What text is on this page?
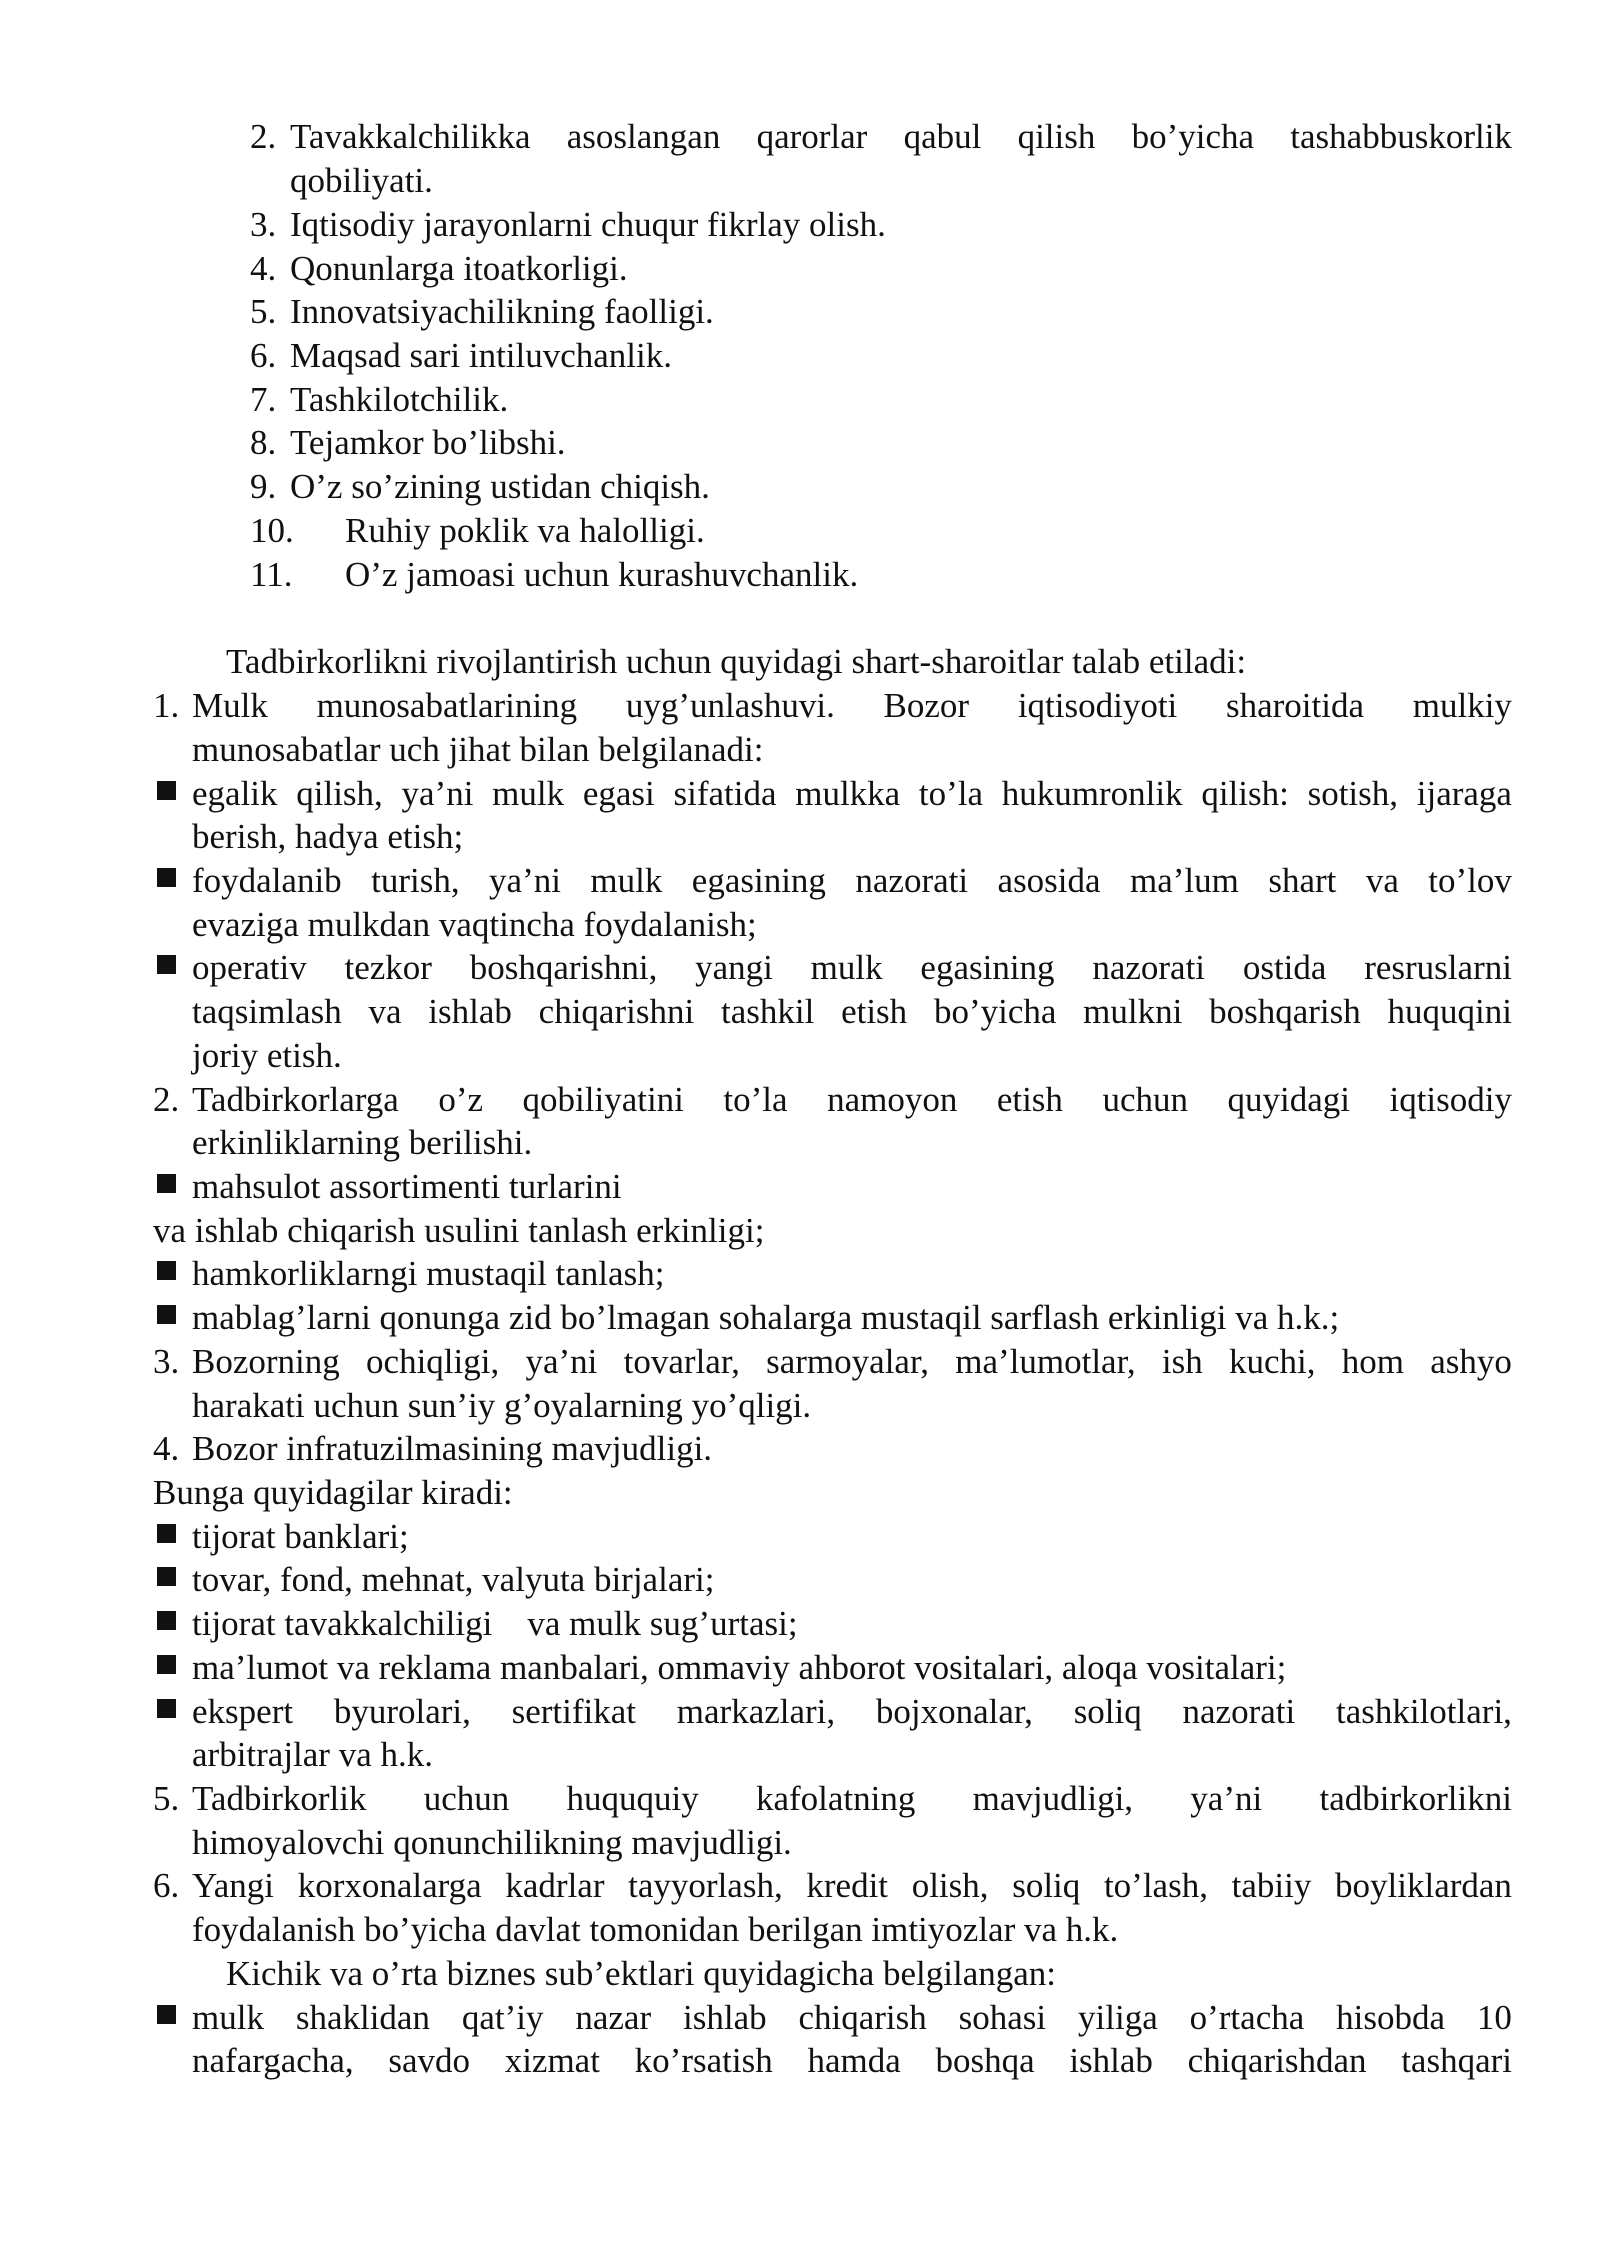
2. Tavakkalchilikka asoslangan qarorlar qabul qilish bo’yicha tashabbuskorlik
qobiliyati.
3. Iqtisodiy jarayonlarni chuqur fikrlay olish.
4. Qonunlarga itoatkorligi.
5. Innovatsiyachilikning faolligi.
6. Maqsad sari intiluvchanlik.
7. Tashkilotchilik.
8. Tejamkor bo’libshi.
9. O’z so’zining ustidan chiqish.
10. Ruhiy poklik va halolligi.
11. O’z jamoasi uchun kurashuvchanlik.
Tadbirkorlikni rivojlantirish uchun quyidagi shart-sharoitlar talab etiladi:
1. Mulk munosabatlarining uyg’unlashuvi. Bozor iqtisodiyoti sharoitida mulkiy
munosabatlar uch jihat bilan belgilanadi:
egalik qilish, ya’ni mulk egasi sifatida mulkka to’la hukumronlik qilish: sotish, ijaraga
berish, hadya etish;
foydalanib turish, ya’ni mulk egasining nazorati asosida ma’lum shart va to’lov
evaziga mulkdan vaqtincha foydalanish;
operativ tezkor boshqarishni, yangi mulk egasining nazorati ostida resruslarni
taqsimlash va ishlab chiqarishni tashkil etish bo’yicha mulkni boshqarish huquqini
joriy etish.
2. Tadbirkorlarga o’z qobiliyatini to’la namoyon etish uchun quyidagi iqtisodiy
erkinliklarning berilishi.
mahsulot assortimenti turlarini
va ishlab chiqarish usulini tanlash erkinligi;
hamkorliklarngi mustaqil tanlash;
mablag’larni qonunga zid bo’lmagan sohalarga mustaqil sarflash erkinligi va h.k.;
3. Bozorning ochiqligi, ya’ni tovarlar, sarmoyalar, ma’lumotlar, ish kuchi, hom ashyo
harakati uchun sun’iy g’oyalarning yo’qligi.
4. Bozor infratuzilmasining mavjudligi.
Bunga quyidagilar kiradi:
tijorat banklari;
tovar, fond, mehnat, valyuta birjalari;
tijorat tavakkalchiligi    va mulk sug’urtasi;
ma’lumot va reklama manbalari, ommaviy ahborot vositalari, aloqa vositalari;
ekspert byurolari, sertifikat markazlari, bojxonalar, soliq nazorati tashkilotlari,
arbitrajlar va h.k.
5. Tadbirkorlik uchun huququiy kafolatning mavjudligi, ya’ni tadbirkorlikni
himoyalovchi qonunchilikning mavjudligi.
6. Yangi korxonalarga kadrlar tayyorlash, kredit olish, soliq to’lash, tabiiy boyliklardan
foydalanish bo’yicha davlat tomonidan berilgan imtiyozlar va h.k.
Kichik va o’rta biznes sub’ektlari quyidagicha belgilangan:
mulk shaklidan qat’iy nazar ishlab chiqarish sohasi yiliga o’rtacha hisobda 10
nafargacha, savdo xizmat ko’rsatish hamda boshqa ishlab chiqarishdan tashqari
